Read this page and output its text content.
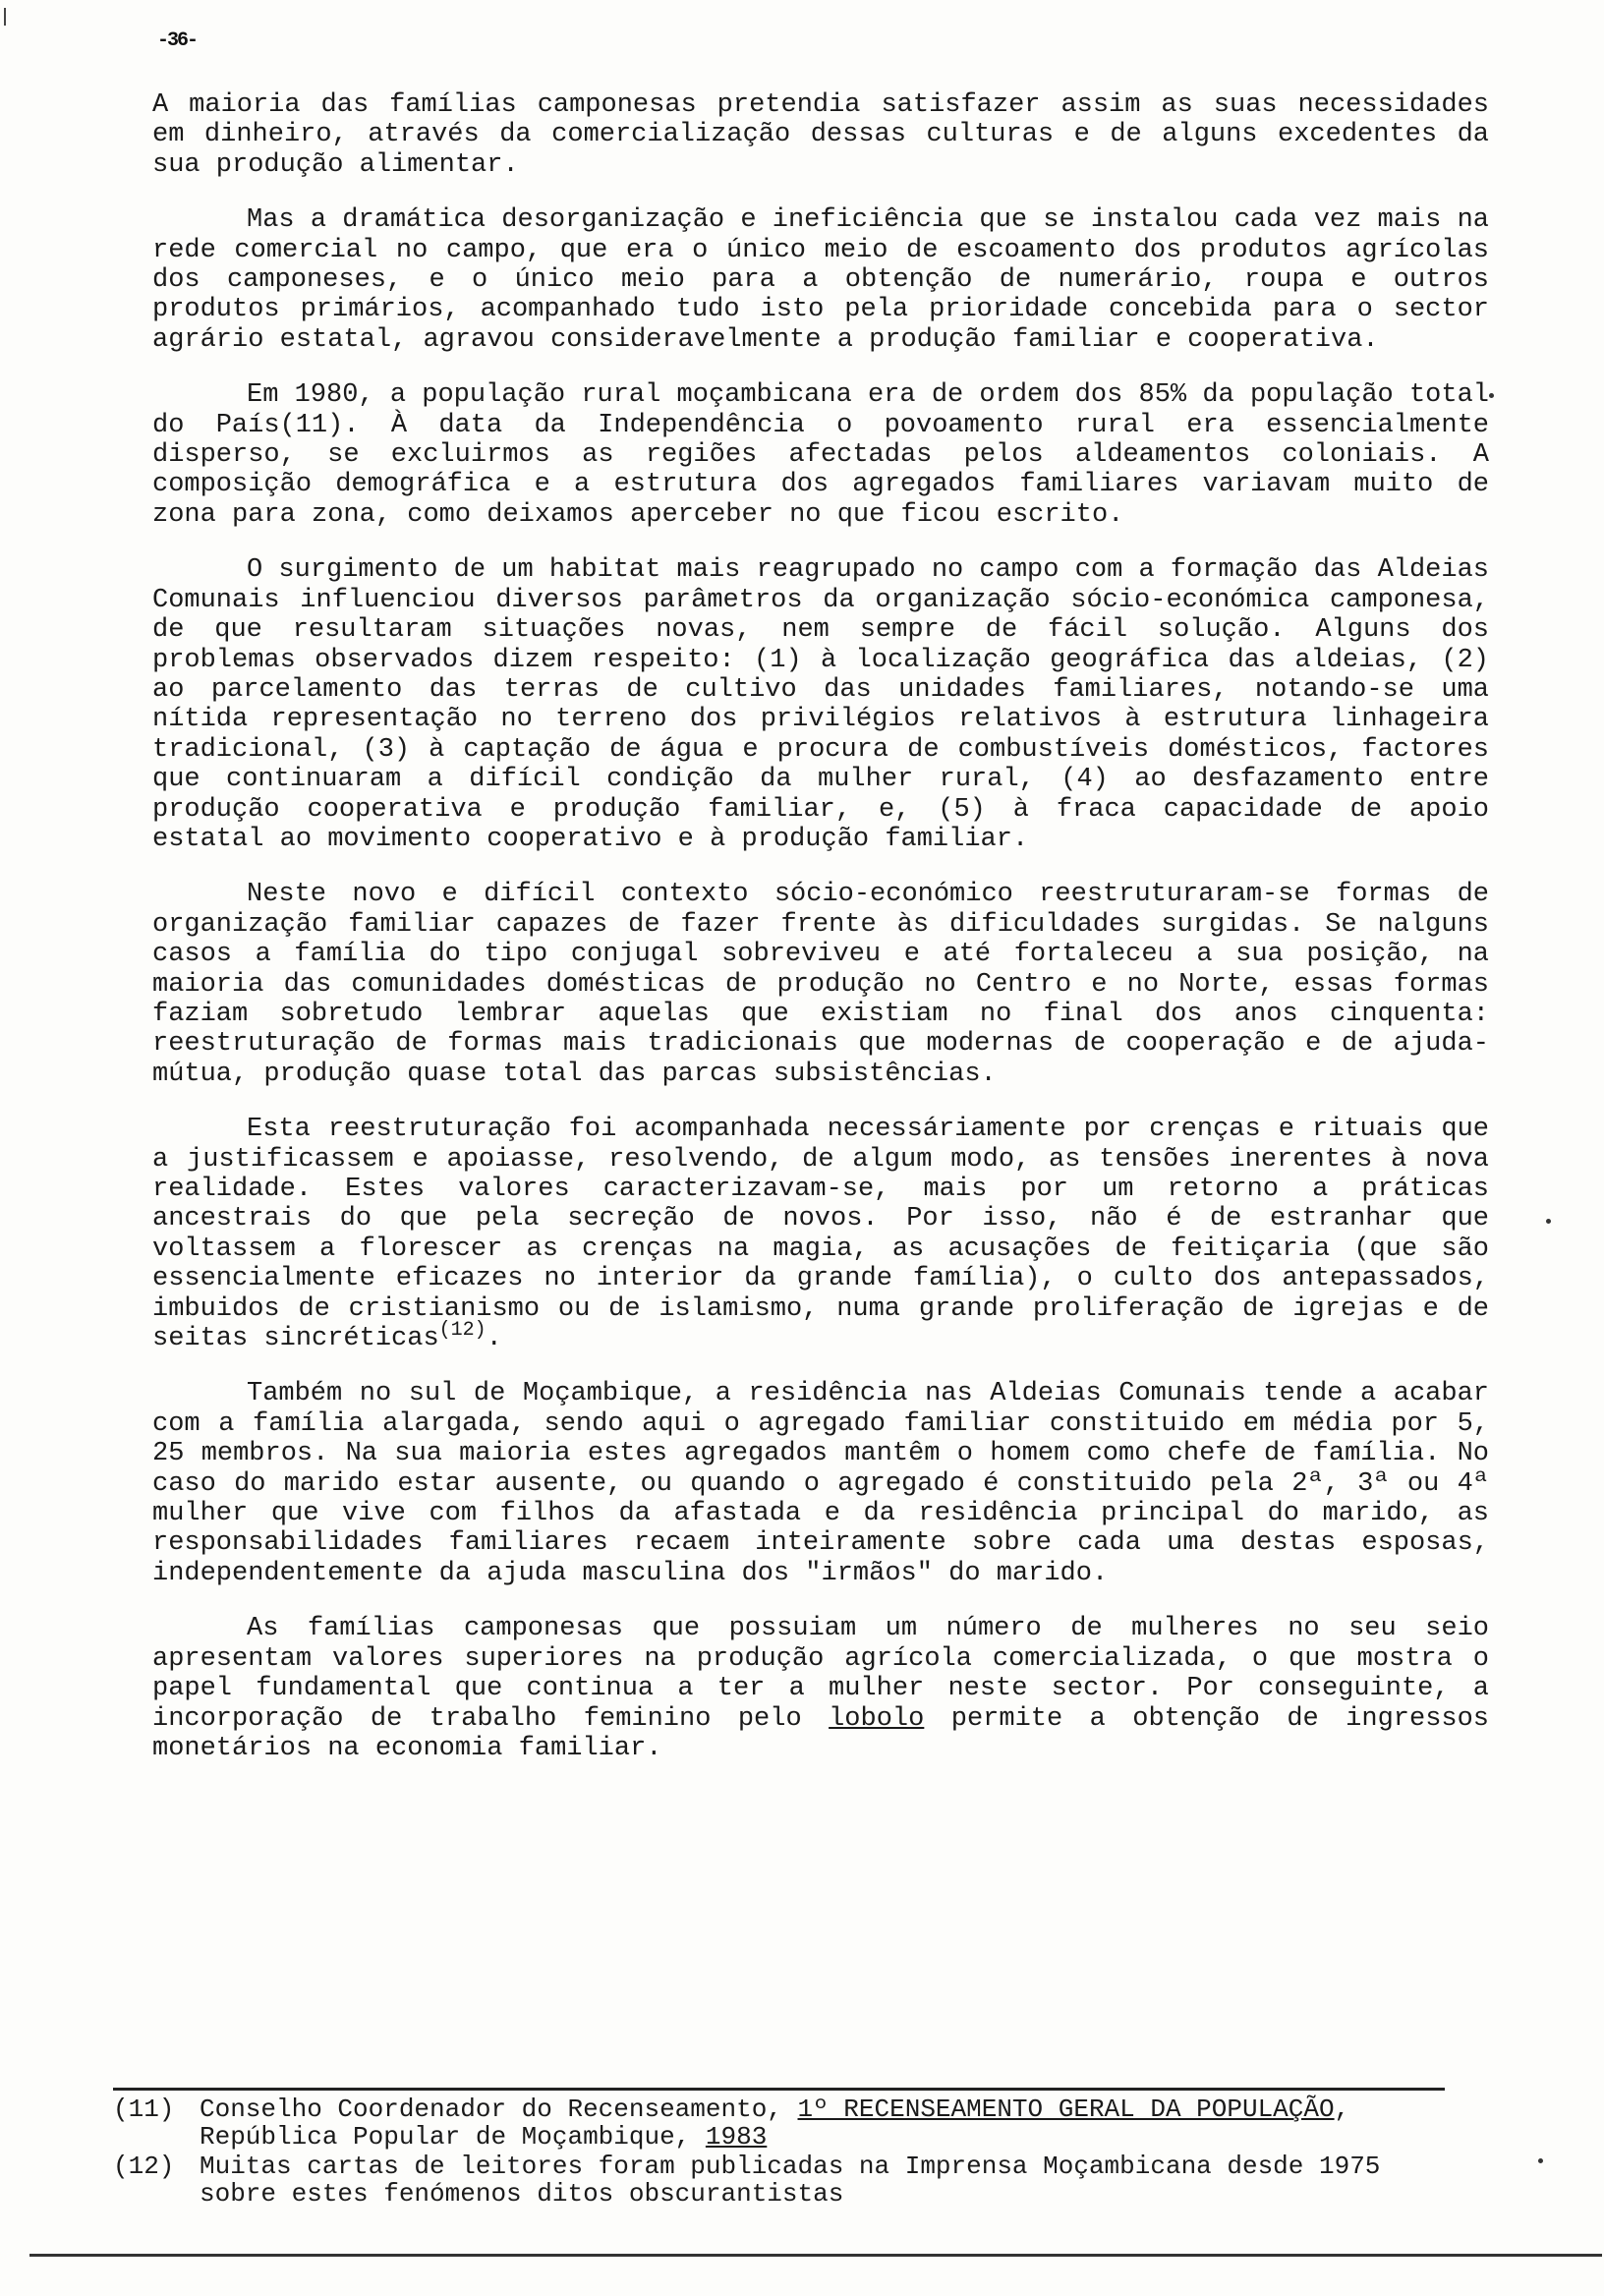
-36-

A maioria das famílias camponesas pretendia satisfazer assim as suas necessidades em dinheiro, através da comercialização dessas culturas e de alguns excedentes da sua produção alimentar.

Mas a dramática desorganização e ineficiência que se instalou cada vez mais na rede comercial no campo, que era o único meio de escoamento dos produtos agrícolas dos camponeses, e o único meio para a obtenção de numerário, roupa e outros produtos primários, acompanhado tudo isto pela prioridade concebida para o sector agrário estatal, agravou consideravelmente a produção familiar e cooperativa.

Em 1980, a população rural moçambicana era de ordem dos 85% da população total do País(11). À data da Independência o povoamento rural era essencialmente disperso, se excluirmos as regiões afectadas pelos aldeamentos coloniais. A composição demográfica e a estrutura dos agregados familiares variavam muito de zona para zona, como deixamos aperceber no que ficou escrito.

O surgimento de um habitat mais reagrupado no campo com a formação das Aldeias Comunais influenciou diversos parâmetros da organização sócio-económica camponesa, de que resultaram situações novas, nem sempre de fácil solução. Alguns dos problemas observados dizem respeito: (1) à localização geográfica das aldeias, (2) ao parcelamento das terras de cultivo das unidades familiares, notando-se uma nítida representação no terreno dos privilégios relativos à estrutura linhageira tradicional, (3) à captação de água e procura de combustíveis domésticos, factores que continuaram a difícil condição da mulher rural, (4) ao desfazamento entre produção cooperativa e produção familiar, e, (5) à fraca capacidade de apoio estatal ao movimento cooperativo e à produção familiar.

Neste novo e difícil contexto sócio-económico reestruturaram-se formas de organização familiar capazes de fazer frente às dificuldades surgidas. Se nalguns casos a família do tipo conjugal sobreviveu e até fortaleceu a sua posição, na maioria das comunidades domésticas de produção no Centro e no Norte, essas formas faziam sobretudo lembrar aquelas que existiam no final dos anos cinquenta: reestruturação de formas mais tradicionais que modernas de cooperação e de ajuda-mútua, produção quase total das parcas subsistências.

Esta reestruturação foi acompanhada necessáriamente por crenças e rituais que a justificassem e apoiasse, resolvendo, de algum modo, as tensões inerentes à nova realidade. Estes valores caracterizavam-se, mais por um retorno a práticas ancestrais do que pela secreção de novos. Por isso, não é de estranhar que voltassem a florescer as crenças na magia, as acusações de feitiçaria (que são essencialmente eficazes no interior da grande família), o culto dos antepassados, imbuidos de cristianismo ou de islamismo, numa grande proliferação de igrejas e de seitas sincréticas$^{(12)}$.

Também no sul de Moçambique, a residência nas Aldeias Comunais tende a acabar com a família alargada, sendo aqui o agregado familiar constituido em média por 5, 25 membros. Na sua maioria estes agregados mantêm o homem como chefe de família. No caso do marido estar ausente, ou quando o agregado é constituido pela 2ª, 3ª ou 4ª mulher que vive com filhos da afastada e da residência principal do marido, as responsabilidades familiares recaem inteiramente sobre cada uma destas esposas, independentemente da ajuda masculina dos "irmãos" do marido.

As famílias camponesas que possuiam um número de mulheres no seu seio apresentam valores superiores na produção agrícola comercializada, o que mostra o papel fundamental que continua a ter a mulher neste sector. Por conseguinte, a incorporação de trabalho feminino pelo lobolo permite a obtenção de ingressos monetários na economia familiar.

(11) Conselho Coordenador do Recenseamento, 1º RECENSEAMENTO GERAL DA POPULAÇÃO, República Popular de Moçambique, 1983
(12) Muitas cartas de leitores foram publicadas na Imprensa Moçambicana desde 1975 sobre estes fenómenos ditos obscurantistas
